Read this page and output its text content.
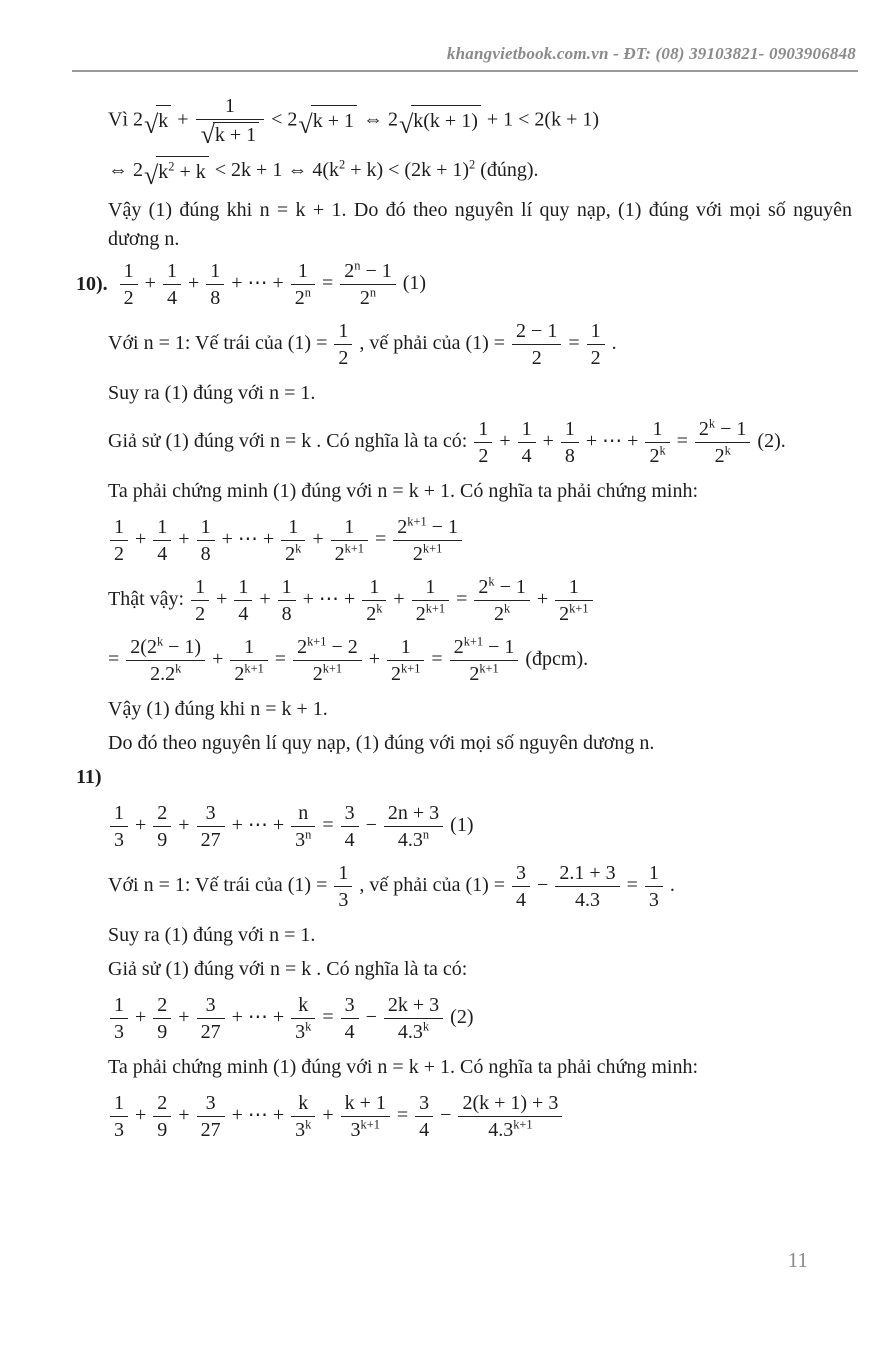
khangvietbook.com.vn - ĐT: (08) 39103821- 0903906848
Vì 2 √ $k + \frac{1}{√ k + 1} < 2$ √ k + 1 ⇔ 2 √ k(k + 1) + 1 < 2(k + 1)
⇔ 2 √ $k^2 + k < 2k + 1$ ⇔ $4(k^2 + k) < (2k + 1)^2$ (đúng).
Vậy (1) đúng khi n = k + 1. Do đó theo nguyên lí quy nạp, (1) đúng với mọi số nguyên dương n.
10). $\frac{1}{2} + \frac{1}{4} + \frac{1}{8}$ + ⋯ + $\frac{1}{2^n} = \frac{2^n - 1}{2^n} (1)$
Với n = 1: Vế trái của $(1) = \frac{1}{2}$ , vế phải của $(1) = \frac{2 - 1}{2} = \frac{1}{2}$ .
Suy ra (1) đúng với n = 1.
Giả sử (1) đúng với n = k . Có nghĩa là ta có: $\frac{1}{2} + \frac{1}{4} + \frac{1}{8}$ + ⋯ + $\frac{1}{2^k} = \frac{2^k - 1}{2^k} (2)$.
Ta phải chứng minh (1) đúng với n = k + 1. Có nghĩa ta phải chứng minh:
$\frac{1}{2} + \frac{1}{4} + \frac{1}{8}$ + ⋯ + $\frac{1}{2^k} + \frac{1}{2^{k+1}} = \frac{2^{k+1} - 1}{2^{k+1}}$
Thật vậy: $\frac{1}{2} + \frac{1}{4} + \frac{1}{8}$ + ⋯ + $\frac{1}{2^k} + \frac{1}{2^{k+1}} = \frac{2^k - 1}{2^k} + \frac{1}{2^{k+1}}$
= $\frac{2(2^k - 1)}{2.2^k} + \frac{1}{2^{k+1}} = \frac{2^{k+1} - 2}{2^{k+1}} + \frac{1}{2^{k+1}} = \frac{2^{k+1} - 1}{2^{k+1}}$ (đpcm).
Vậy (1) đúng khi n = k + 1.
Do đó theo nguyên lí quy nạp, (1) đúng với mọi số nguyên dương n.
11)
$\frac{1}{3} + \frac{2}{9} + \frac{3}{27}$ + ⋯ + $\frac{n}{3^n} = \frac{3}{4} - \frac{2n + 3}{4.3^n} (1)$
Với n = 1: Vế trái của $(1) = \frac{1}{3}$ , vế phải của $(1) = \frac{3}{4} - \frac{2.1 + 3}{4.3} = \frac{1}{3}$ .
Suy ra (1) đúng với n = 1.
Giả sử (1) đúng với n = k . Có nghĩa là ta có:
$\frac{1}{3} + \frac{2}{9} + \frac{3}{27}$ + ⋯ + $\frac{k}{3^k} = \frac{3}{4} - \frac{2k + 3}{4.3^k} (2)$
Ta phải chứng minh (1) đúng với n = k + 1. Có nghĩa ta phải chứng minh:
$\frac{1}{3} + \frac{2}{9} + \frac{3}{27}$ + ⋯ + $\frac{k}{3^k} + \frac{k + 1}{3^{k+1}} = \frac{3}{4} - \frac{2(k + 1) + 3}{4.3^{k+1}}$
11
